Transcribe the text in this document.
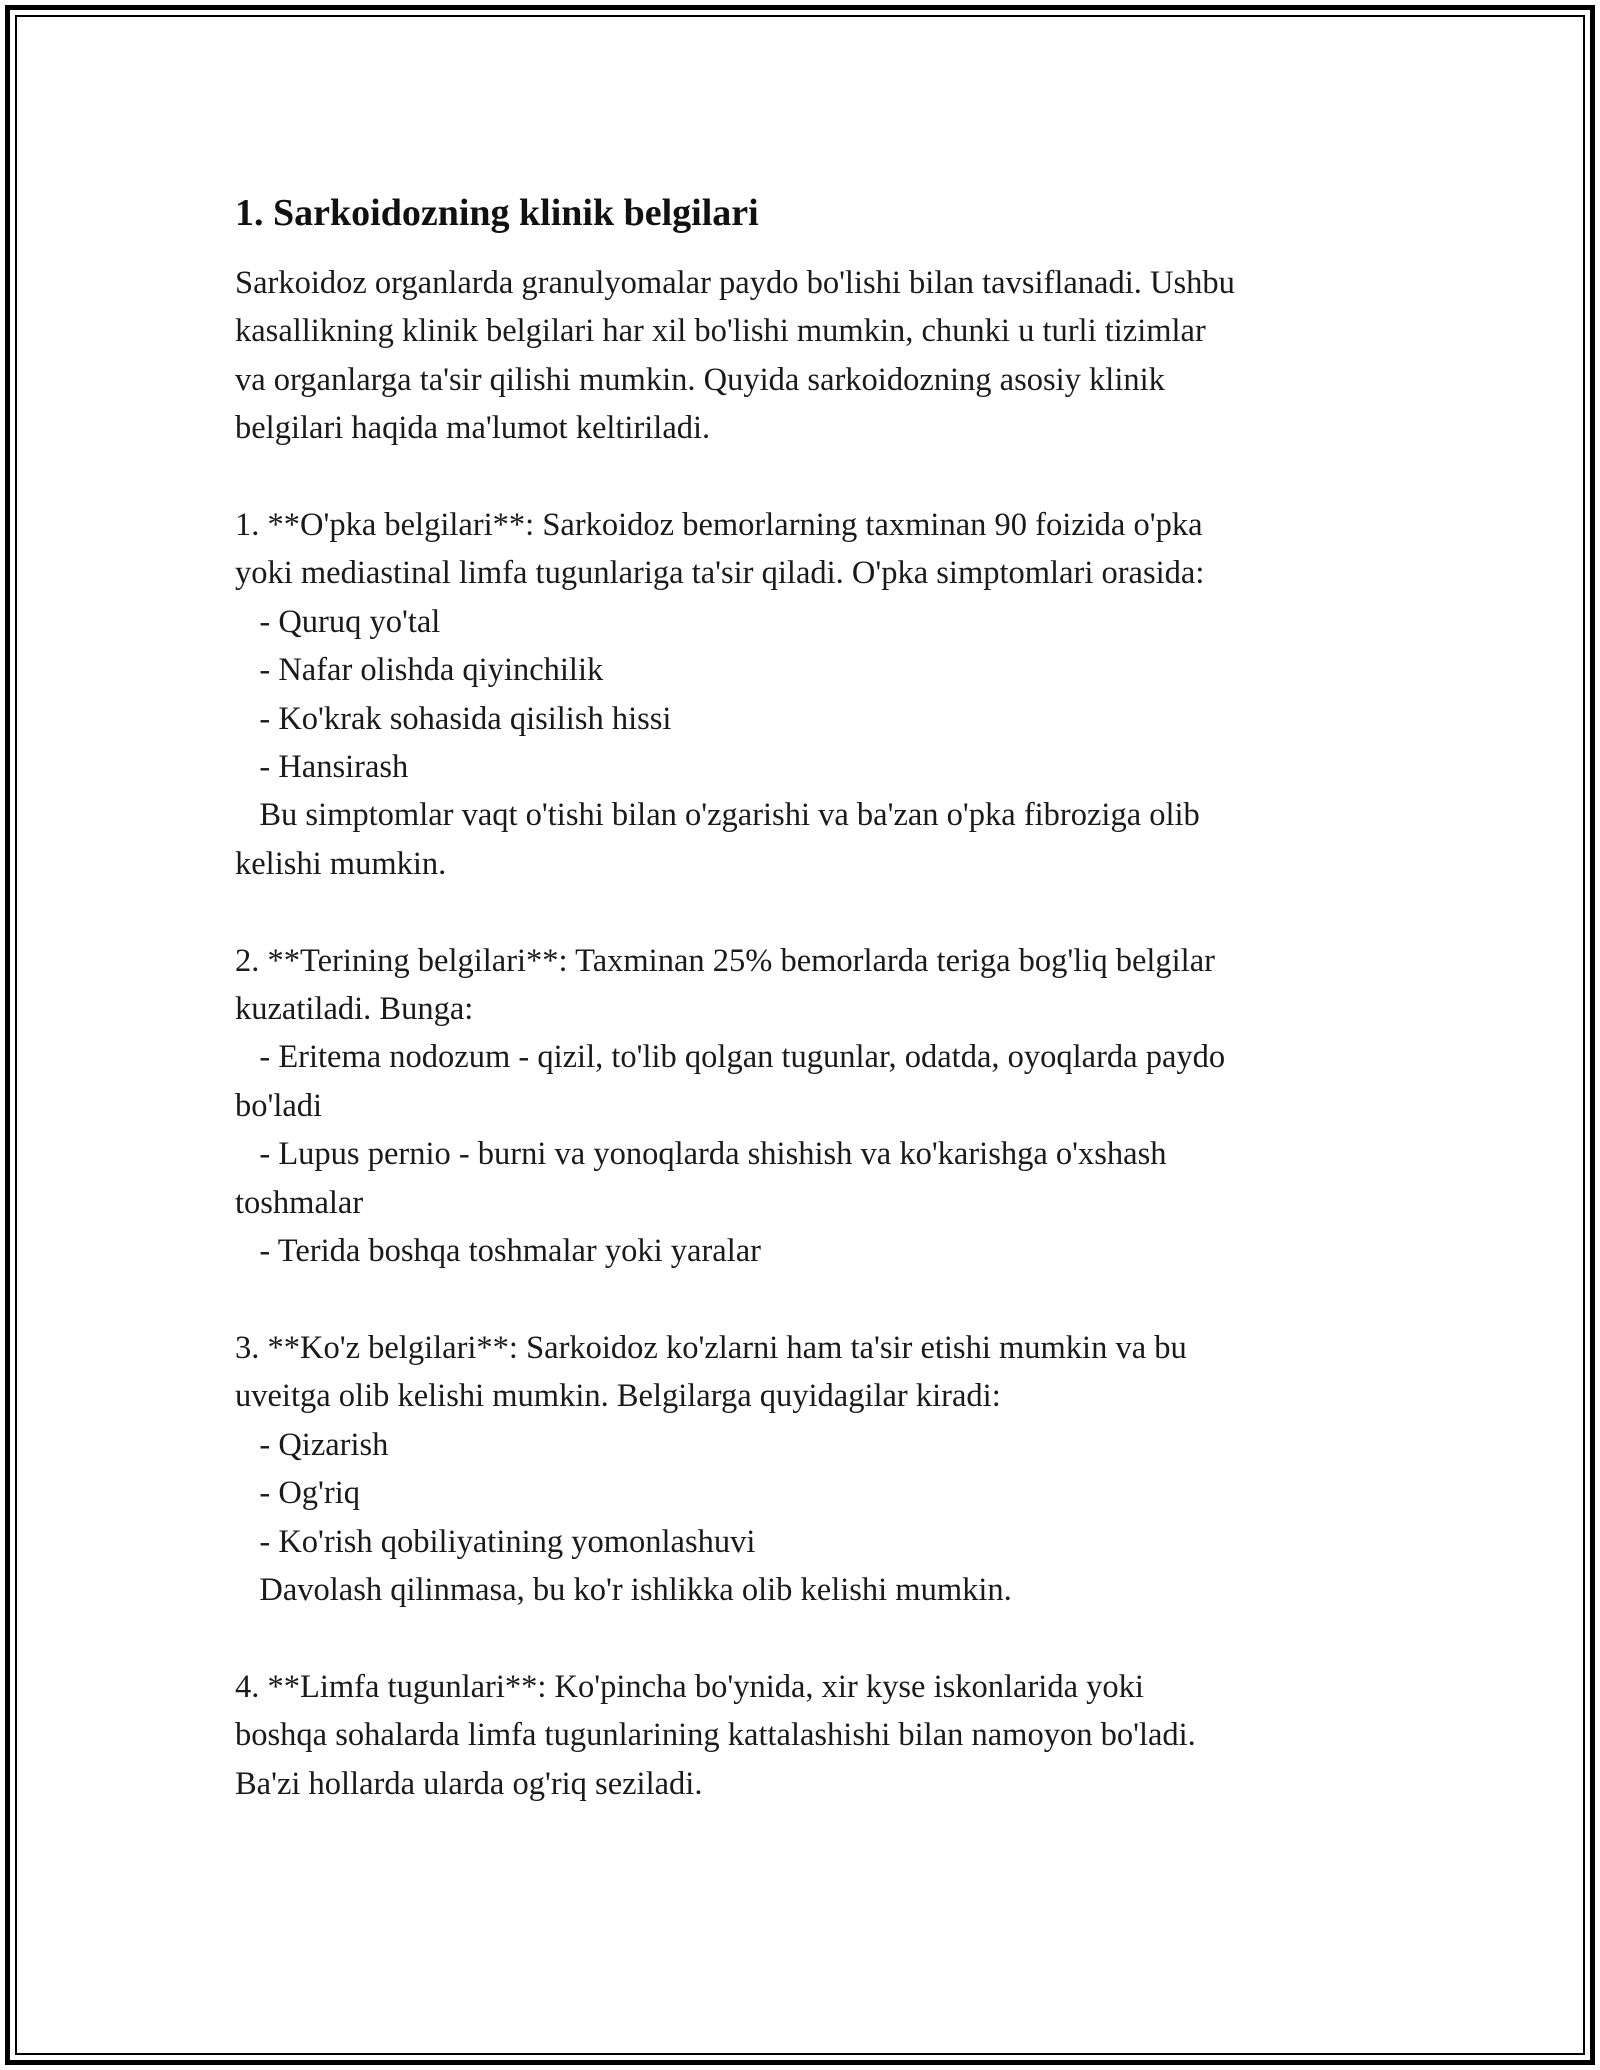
1. Sarkoidozning klinik belgilari

Sarkoidoz organlarda granulyomalar paydo bo'lishi bilan tavsiflanadi. Ushbu
kasallikning klinik belgilari har xil bo'lishi mumkin, chunki u turli tizimlar
va organlarga ta'sir qilishi mumkin. Quyida sarkoidozning asosiy klinik
belgilari haqida ma'lumot keltiriladi.

1. **O'pka belgilari**: Sarkoidoz bemorlarning taxminan 90 foizida o'pka
yoki mediastinal limfa tugunlariga ta'sir qiladi. O'pka simptomlari orasida:
- Quruq yo'tal
- Nafar olishda qiyinchilik
- Ko'krak sohasida qisilish hissi
- Hansirash
Bu simptomlar vaqt o'tishi bilan o'zgarishi va ba'zan o'pka fibroziga olib
kelishi mumkin.

2. **Terining belgilari**: Taxminan 25% bemorlarda teriga bog'liq belgilar
kuzatiladi. Bunga:
- Eritema nodozum - qizil, to'lib qolgan tugunlar, odatda, oyoqlarda paydo
bo'ladi
- Lupus pernio - burni va yonoqlarda shishish va ko'karishga o'xshash
toshmalar
- Terida boshqa toshmalar yoki yaralar

3. **Ko'z belgilari**: Sarkoidoz ko'zlarni ham ta'sir etishi mumkin va bu
uveitga olib kelishi mumkin. Belgilarga quyidagilar kiradi:
- Qizarish
- Og'riq
- Ko'rish qobiliyatining yomonlashuvi
Davolash qilinmasa, bu ko'r ishlikka olib kelishi mumkin.

4. **Limfa tugunlari**: Ko'pincha bo'ynida, xir kyse iskonlarida yoki
boshqa sohalarda limfa tugunlarining kattalashishi bilan namoyon bo'ladi.
Ba'zi hollarda ularda og'riq seziladi.
